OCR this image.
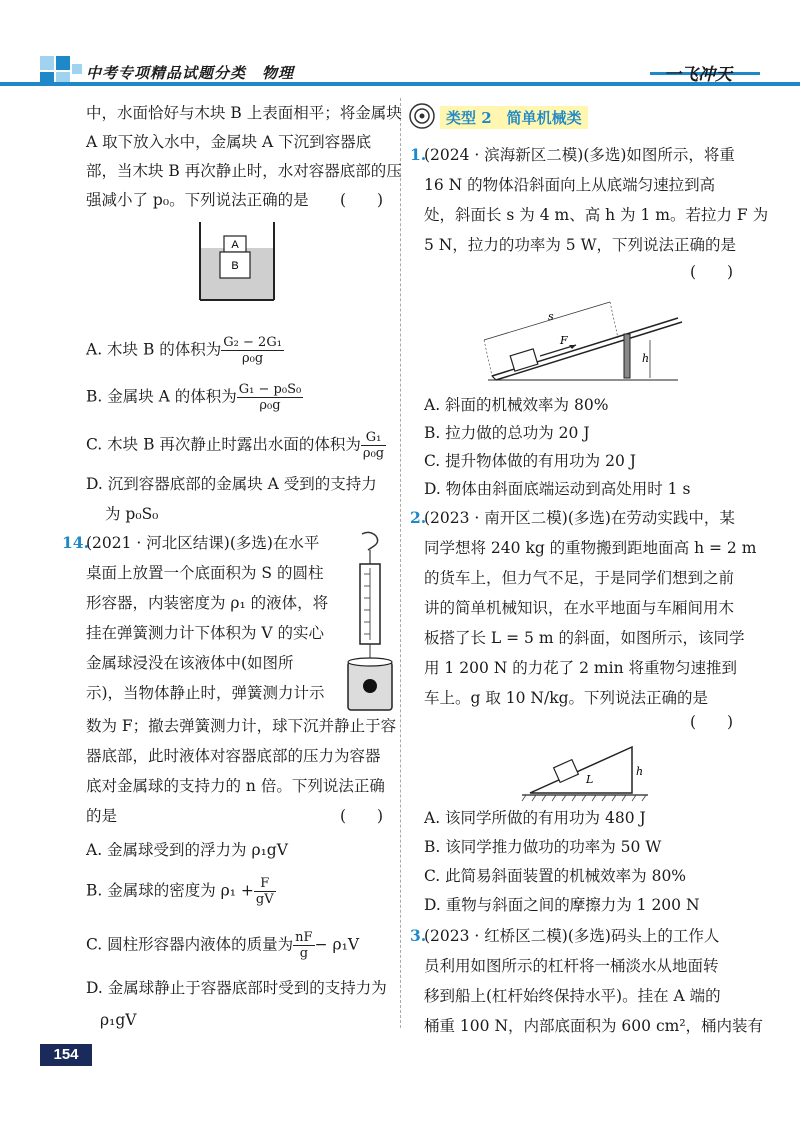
中考专项精品试题分类　物理	一飞冲天
中，水面恰好与木块 B 上表面相平；将金属块
A 取下放入水中，金属块 A 下沉到容器底
部，当木块 B 再次静止时，水对容器底部的压
强减小了 p₀。下列说法正确的是 (　　)
A
B
A. 木块 B 的体积为 $\frac{\text{G₂ − 2G₁}}{\text{ρ₀g}}$
B. 金属块 A 的体积为 $\frac{\text{G₁ − p₀S₀}}{\text{ρ₀g}}$
C. 木块 B 再次静止时露出水面的体积为 $\frac{\text{G₁}}{\text{ρ₀g}}$
D. 沉到容器底部的金属块 A 受到的支持力
为 p₀S₀
14.
(2021 · 河北区结课)(多选)在水平
桌面上放置一个底面积为 S 的圆柱
形容器，内装密度为 ρ₁ 的液体，将
挂在弹簧测力计下体积为 V 的实心
金属球浸没在该液体中(如图所
示)，当物体静止时，弹簧测力计示
数为 F；撤去弹簧测力计，球下沉并静止于容
器底部，此时液体对容器底部的压力为容器
底对金属球的支持力的 n 倍。下列说法正确
的是	(　　)
A. 金属球受到的浮力为 ρ₁gV
B. 金属球的密度为 $\rho_1 + \frac{F}{gV}$
C. 圆柱形容器内液体的质量为 $\frac{nF}{g} - \rho_1V$
D. 金属球静止于容器底部时受到的支持力为
ρ₁gV
154
类型 2　简单机械类
1.
(2024 · 滨海新区二模)(多选)如图所示，将重
16 N 的物体沿斜面向上从底端匀速拉到高
处，斜面长 s 为 4 m、高 h 为 1 m。若拉力 F 为
5 N，拉力的功率为 5 W，下列说法正确的是
(　　)
s
F
h
A. 斜面的机械效率为 80%
B. 拉力做的总功为 20 J
C. 提升物体做的有用功为 20 J
D. 物体由斜面底端运动到高处用时 1 s
2.
(2023 · 南开区二模)(多选)在劳动实践中，某
同学想将 240 kg 的重物搬到距地面高 h = 2 m
的货车上，但力气不足，于是同学们想到之前
讲的简单机械知识，在水平地面与车厢间用木
板搭了长 L = 5 m 的斜面，如图所示，该同学
用 1 200 N 的力花了 2 min 将重物匀速推到
车上。g 取 10 N/kg。下列说法正确的是
(　　)
L
h
A. 该同学所做的有用功为 480 J
B. 该同学推力做功的功率为 50 W
C. 此简易斜面装置的机械效率为 80%
D. 重物与斜面之间的摩擦力为 1 200 N
3.
(2023 · 红桥区二模)(多选)码头上的工作人
员利用如图所示的杠杆将一桶淡水从地面转
移到船上(杠杆始终保持水平)。挂在 A 端的
桶重 100 N，内部底面积为 600 cm²，桶内装有
